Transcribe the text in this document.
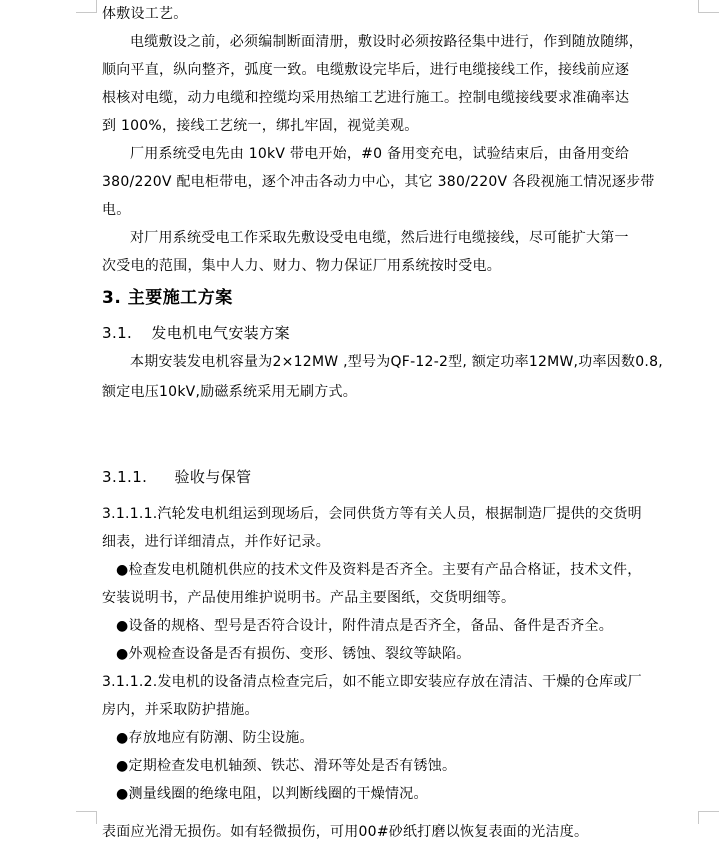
体敷设工艺。
电缆敷设之前，必须编制断面清册，敷设时必须按路径集中进行，作到随放随绑，
顺向平直，纵向整齐，弧度一致。电缆敷设完毕后，进行电缆接线工作，接线前应逐
根核对电缆，动力电缆和控缆均采用热缩工艺进行施工。控制电缆接线要求准确率达
到 100%，接线工艺统一，绑扎牢固，视觉美观。
厂用系统受电先由 10kV 带电开始，#0 备用变充电，试验结束后，由备用变给
380/220V 配电柜带电，逐个冲击各动力中心，其它 380/220V 各段视施工情况逐步带
电。
对厂用系统受电工作采取先敷设受电电缆，然后进行电缆接线，尽可能扩大第一
次受电的范围，集中人力、财力、物力保证厂用系统按时受电。
3. 主要施工方案
3.1. 发电机电气安装方案
本期安装发电机容量为2×12MW ,型号为QF-12-2型, 额定功率12MW,功率因数0.8,
额定电压10kV,励磁系统采用无刷方式。
3.1.1. 验收与保管
3.1.1.1.汽轮发电机组运到现场后，会同供货方等有关人员，根据制造厂提供的交货明
细表，进行详细清点，并作好记录。
●检查发电机随机供应的技术文件及资料是否齐全。主要有产品合格证，技术文件，
安装说明书，产品使用维护说明书。产品主要图纸，交货明细等。
●设备的规格、型号是否符合设计，附件清点是否齐全，备品、备件是否齐全。
●外观检查设备是否有损伤、变形、锈蚀、裂纹等缺陷。
3.1.1.2.发电机的设备清点检查完后，如不能立即安装应存放在清洁、干燥的仓库或厂
房内，并采取防护措施。
●存放地应有防潮、防尘设施。
●定期检查发电机轴颈、铁芯、滑环等处是否有锈蚀。
●测量线圈的绝缘电阻，以判断线圈的干燥情况。
表面应光滑无损伤。如有轻微损伤，可用00#砂纸打磨以恢复表面的光洁度。
